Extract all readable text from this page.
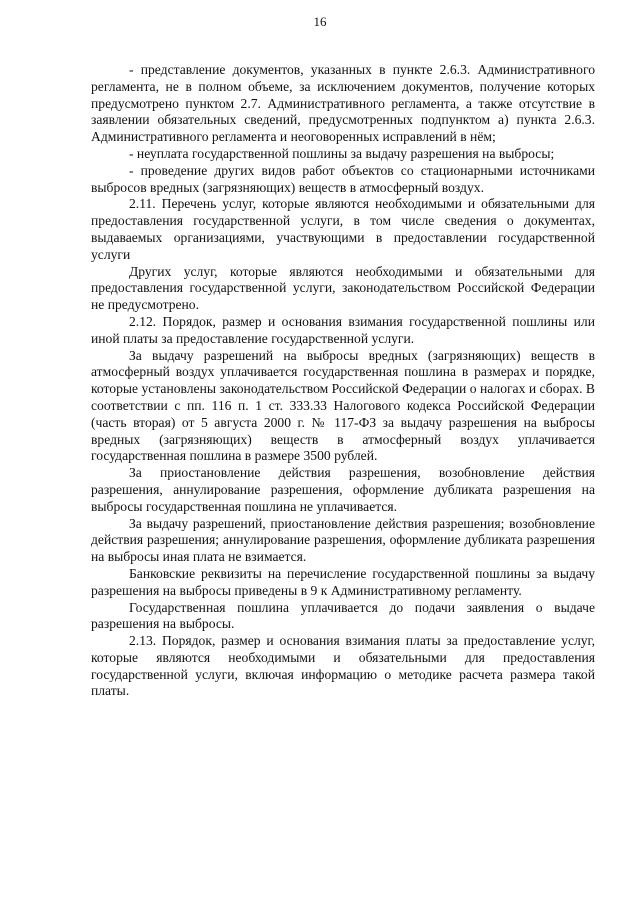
16

- представление документов, указанных в пункте 2.6.3. Административного регламента, не в полном объеме, за исключением документов, получение которых предусмотрено пунктом 2.7. Административного регламента, а также отсутствие в заявлении обязательных сведений, предусмотренных подпунктом а) пункта 2.6.3. Административного регламента и неоговоренных исправлений в нём;

- неуплата государственной пошлины за выдачу разрешения на выбросы;

- проведение других видов работ объектов со стационарными источниками выбросов вредных (загрязняющих) веществ в атмосферный воздух.

2.11. Перечень услуг, которые являются необходимыми и обязательными для предоставления государственной услуги, в том числе сведения о документах, выдаваемых организациями, участвующими в предоставлении государственной услуги

Других услуг, которые являются необходимыми и обязательными для предоставления государственной услуги, законодательством Российской Федерации не предусмотрено.

2.12. Порядок, размер и основания взимания государственной пошлины или иной платы за предоставление государственной услуги.

За выдачу разрешений на выбросы вредных (загрязняющих) веществ в атмосферный воздух уплачивается государственная пошлина в размерах и порядке, которые установлены законодательством Российской Федерации о налогах и сборах. В соответствии с пп. 116 п. 1 ст. 333.33 Налогового кодекса Российской Федерации (часть вторая) от 5 августа 2000 г. № 117-ФЗ за выдачу разрешения на выбросы вредных (загрязняющих) веществ в атмосферный воздух уплачивается государственная пошлина в размере 3500 рублей.

За приостановление действия разрешения, возобновление действия разрешения, аннулирование разрешения, оформление дубликата разрешения на выбросы государственная пошлина не уплачивается.

За выдачу разрешений, приостановление действия разрешения; возобновление действия разрешения; аннулирование разрешения, оформление дубликата разрешения на выбросы иная плата не взимается.

Банковские реквизиты на перечисление государственной пошлины за выдачу разрешения на выбросы приведены в 9 к Административному регламенту.

Государственная пошлина уплачивается до подачи заявления о выдаче разрешения на выбросы.

2.13. Порядок, размер и основания взимания платы за предоставление услуг, которые являются необходимыми и обязательными для предоставления государственной услуги, включая информацию о методике расчета размера такой платы.
